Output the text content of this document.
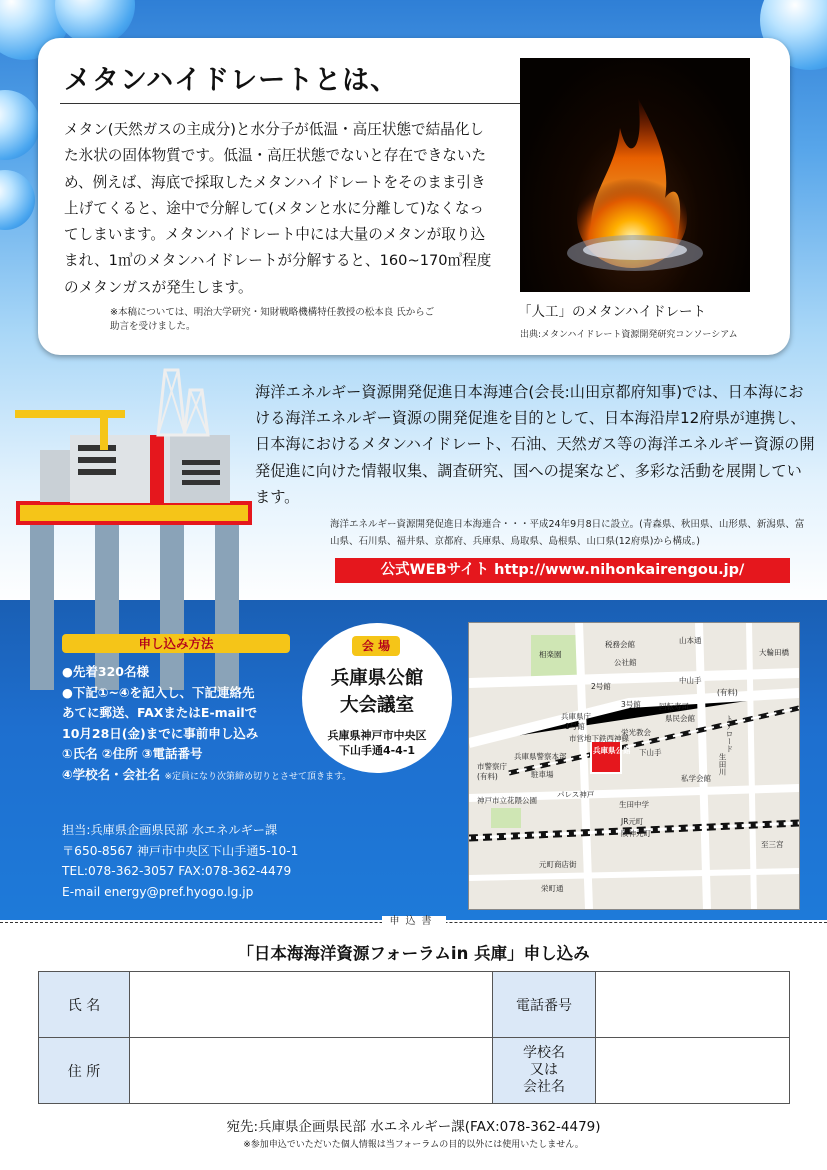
メタンハイドレートとは、
メタン(天然ガスの主成分)と水分子が低温・高圧状態で結晶化した氷状の固体物質です。低温・高圧状態でないと存在できないため、例えば、海底で採取したメタンハイドレートをそのまま引き上げてくると、途中で分解して(メタンと水に分離して)なくなってしまいます。メタンハイドレート中には大量のメタンが取り込まれ、1㎥のメタンハイドレートが分解すると、160~170㎥程度のメタンガスが発生します。
※本稿については、明治大学研究・知財戦略機構特任教授の松本良 氏からご助言を受けました。
「人工」のメタンハイドレート
出典:メタンハイドレート資源開発研究コンソーシアム
海洋エネルギー資源開発促進日本海連合(会長:山田京都府知事)では、日本海における海洋エネルギー資源の開発促進を目的として、日本海沿岸12府県が連携し、日本海におけるメタンハイドレート、石油、天然ガス等の海洋エネルギー資源の開発促進に向けた情報収集、調査研究、国への提案など、多彩な活動を展開しています。
海洋エネルギー資源開発促進日本海連合・・・平成24年9月8日に設立。(青森県、秋田県、山形県、新潟県、富山県、石川県、福井県、京都府、兵庫県、鳥取県、島根県、山口県(12府県)から構成。)
公式WEBサイト http://www.nihonkairengou.jp/
申し込み方法
●先着320名様
●下記①~④を記入し、下記連絡先
あてに郵送、FAXまたはE-mailで
10月28日(金)までに事前申し込み
①氏名 ②住所 ③電話番号
④学校名・会社名 ※定員になり次第締め切りとさせて頂きます。
担当:兵庫県企画県民部 水エネルギー課
〒650-8567 神戸市中央区下山手通5-10-1
TEL:078-362-3057 FAX:078-362-4479
E-mail energy@pref.hyogo.lg.jp
会 場
兵庫県公館
大会議室
兵庫県神戸市中央区
下山手通4-4-1
相楽園
税務会館
公社館
山本通
大輪田橋
中山手
2号館
3号館
兵庫県庁
1号館
回転寿司
県民会館	トアロード
市営地下鉄西神線
栄光教会
下山手
兵庫県警察本部
市警察庁
(有料)	駐車場
兵庫県公館
パレス神戸
私学会館
生田川
神戸市立花隈公園	生田中学
JR元町
阪神元町
元町商店街
栄町通
至三宮
(有料)
申込書
「日本海海洋資源フォーラムin 兵庫」申し込み
氏 名		電話番号	
住 所		学校名
又は
会社名	

宛先:兵庫県企画県民部 水エネルギー課(FAX:078-362-4479)
※参加申込でいただいた個人情報は当フォーラムの目的以外には使用いたしません。
